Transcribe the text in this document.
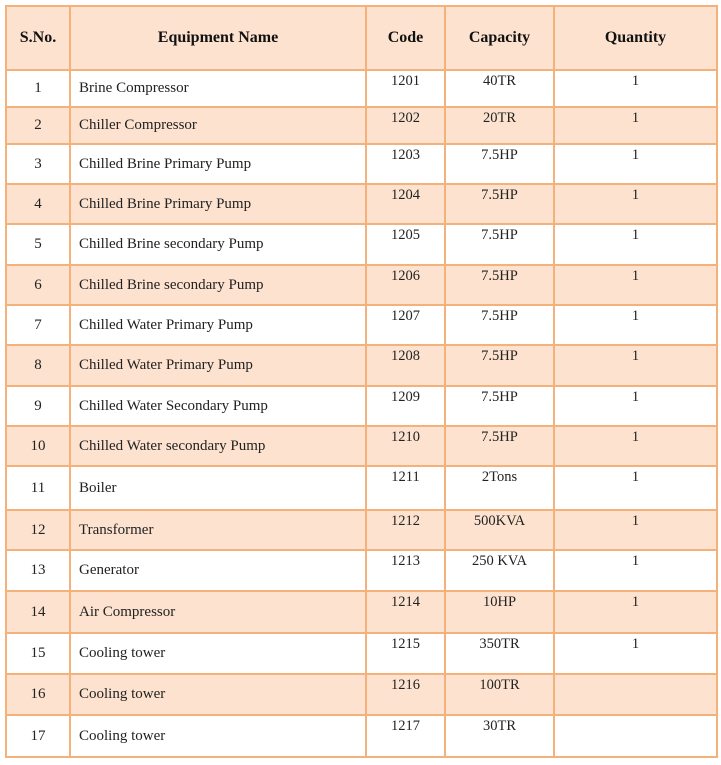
S.No.	Equipment Name	Code	Capacity	Quantity
1	Brine Compressor	1201	40TR	1
2	Chiller Compressor	1202	20TR	1
3	Chilled Brine Primary Pump	1203	7.5HP	1
4	Chilled Brine Primary Pump	1204	7.5HP	1
5	Chilled Brine secondary Pump	1205	7.5HP	1
6	Chilled Brine secondary Pump	1206	7.5HP	1
7	Chilled Water Primary Pump	1207	7.5HP	1
8	Chilled Water Primary Pump	1208	7.5HP	1
9	Chilled Water Secondary Pump	1209	7.5HP	1
10	Chilled Water secondary Pump	1210	7.5HP	1
11	Boiler	1211	2Tons	1
12	Transformer	1212	500KVA	1
13	Generator	1213	250 KVA	1
14	Air Compressor	1214	10HP	1
15	Cooling tower	1215	350TR	1
16	Cooling tower	1216	100TR	
17	Cooling tower	1217	30TR	
